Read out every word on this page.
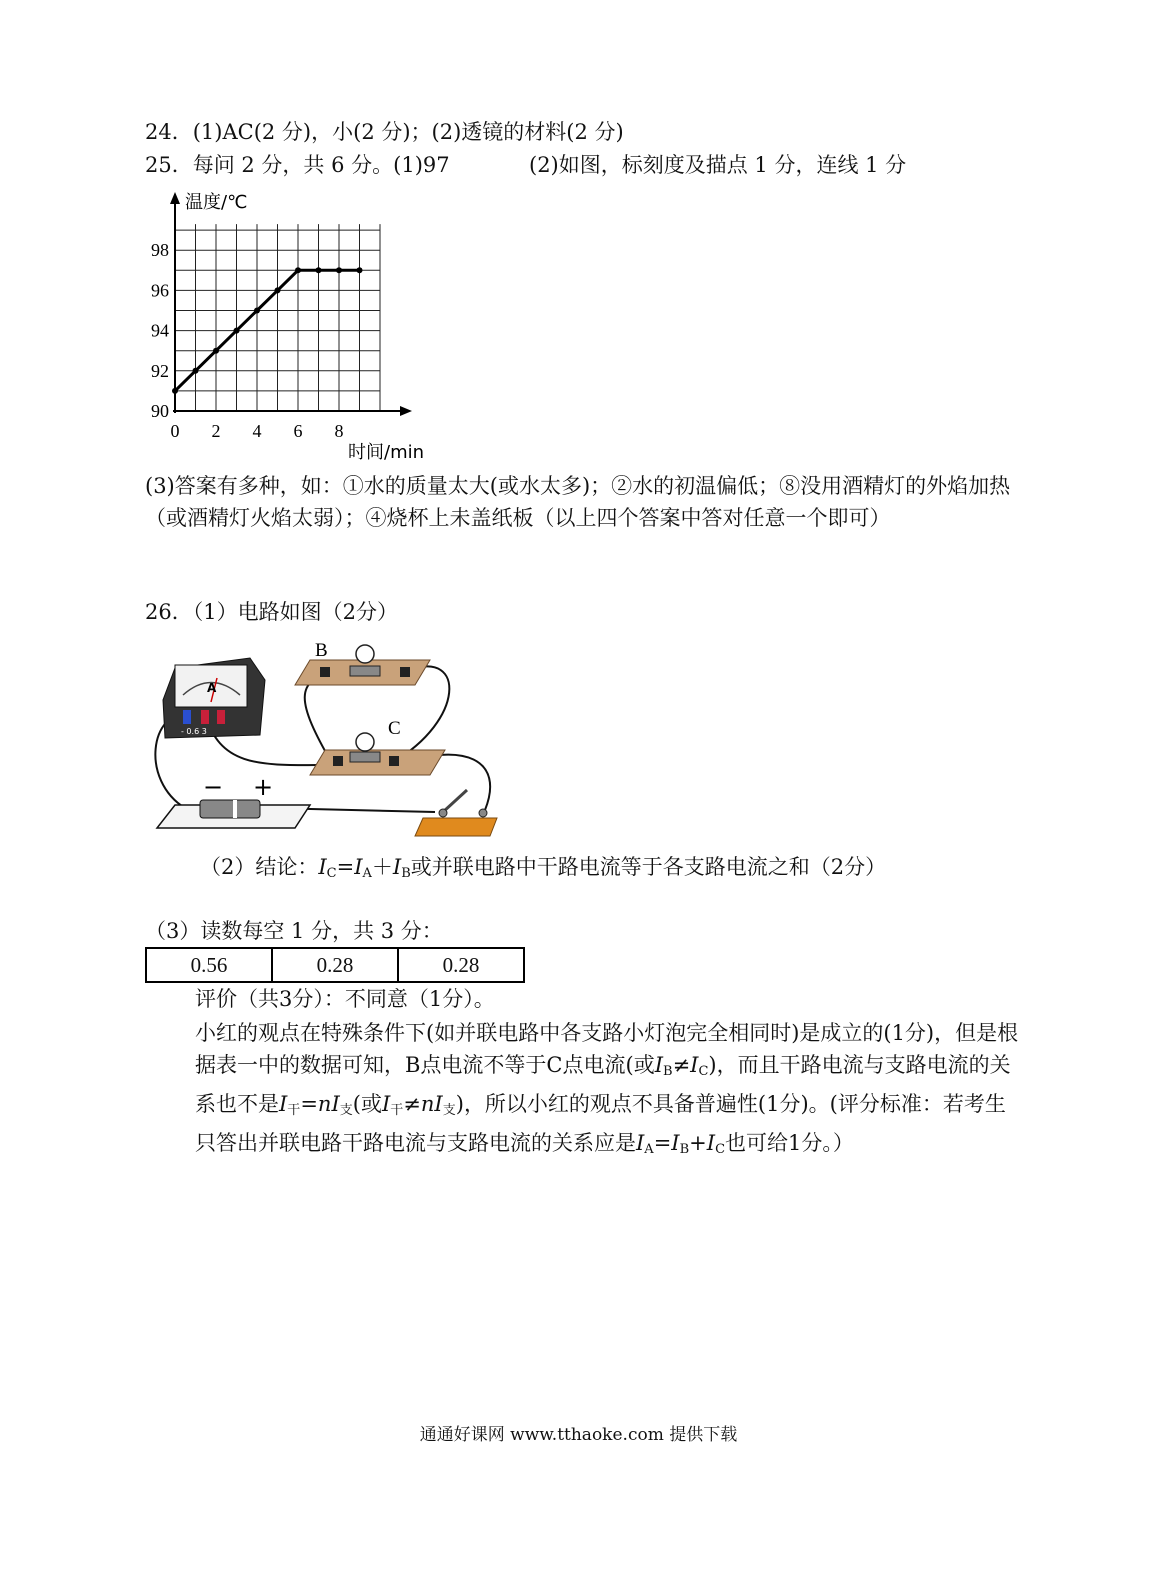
24．(1)AC(2 分)，小(2 分)；(2)透镜的材料(2 分)
25．每问 2 分，共 6 分。(1)97	(2)如图，标刻度及描点 1 分，连线 1 分
90
92
94
96
98
0 2 4 6 8
温度/℃
时间/min
(3)答案有多种，如：①水的质量太大(或水太多)；②水的初温偏低；⑧没用酒精灯的外焰加热（或酒精灯火焰太弱）；④烧杯上未盖纸板（以上四个答案中答对任意一个即可）
26．（1）电路如图（2分）
A
- 0.6 3
B
C
− +
（2）结论：$I_C=I_A+I_B$或并联电路中干路电流等于各支路电流之和（2分）
（3）读数每空 1 分，共 3 分：
0.56	0.28	0.28
评价（共3分）：不同意（1分）。
小红的观点在特殊条件下(如并联电路中各支路小灯泡完全相同时)是成立的(1分)，但是根据表一中的数据可知，B点电流不等于C点电流(或$I_B\ne I_C$)，而且干路电流与支路电流的关系也不是$I_干=nI_支$(或$I_干\ne nI_支$)，所以小红的观点不具备普遍性(1分)。(评分标准：若考生只答出并联电路干路电流与支路电流的关系应是$I_A=I_B+I_C$也可给1分。）
通通好课网 www.tthaoke.com 提供下载
